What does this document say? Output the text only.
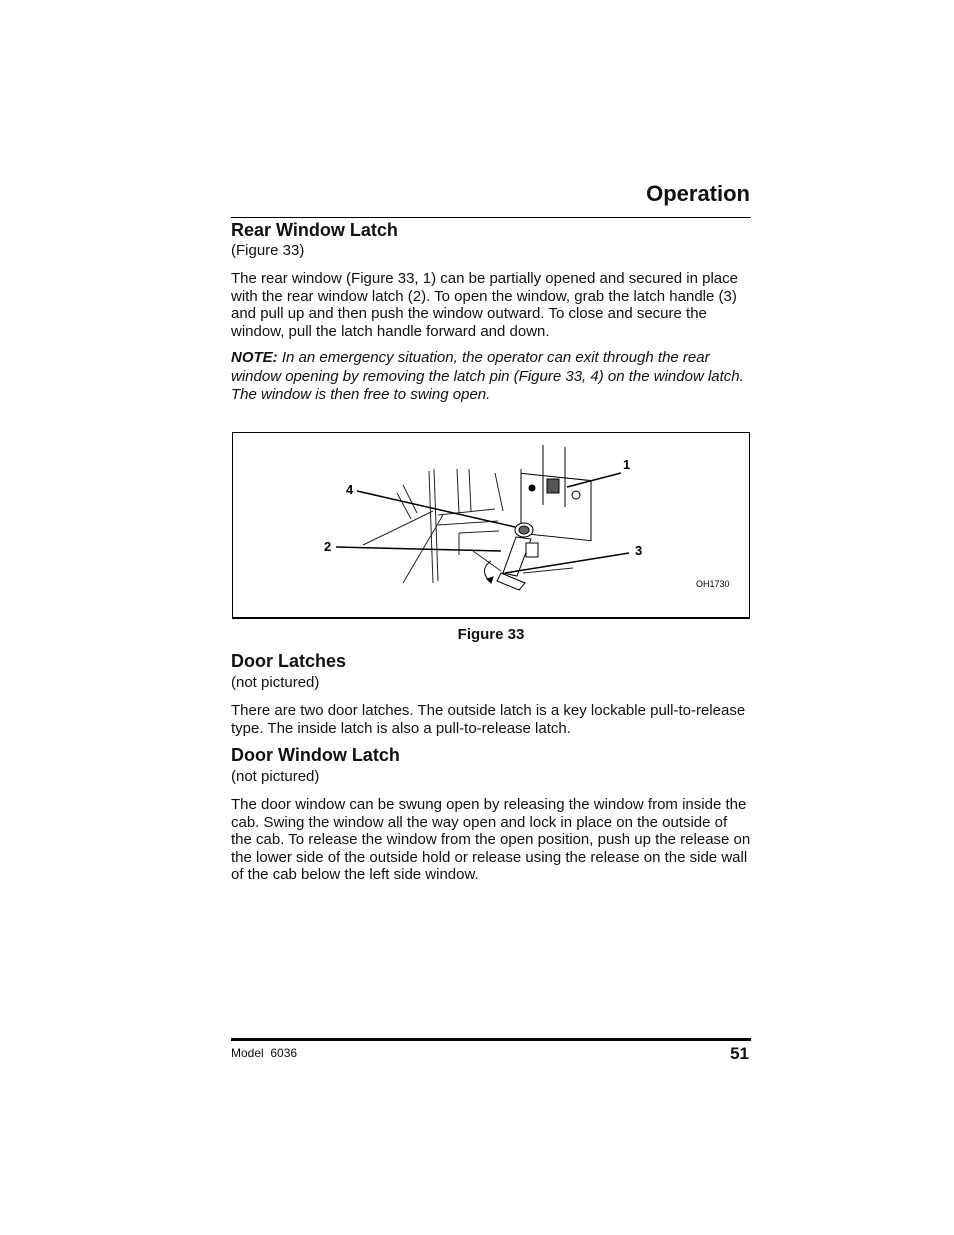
Operation
Rear Window Latch
(Figure 33)

The rear window (Figure 33, 1) can be partially opened and secured in place with the rear window latch (2). To open the window, grab the latch handle (3) and pull up and then push the window outward. To close and secure the window, pull the latch handle forward and down.

NOTE: In an emergency situation, the operator can exit through the rear window opening by removing the latch pin (Figure 33, 4) on the window latch. The window is then free to swing open.

1
2	3
4
OH1730
Figure 33
Door Latches
(not pictured)

There are two door latches. The outside latch is a key lockable pull-to-release type. The inside latch is also a pull-to-release latch.

Door Window Latch
(not pictured)

The door window can be swung open by releasing the window from inside the cab. Swing the window all the way open and lock in place on the outside of the cab. To release the window from the open position, push up the release on the lower side of the outside hold or release using the release on the side wall of the cab below the left side window.

Model  6036	51
